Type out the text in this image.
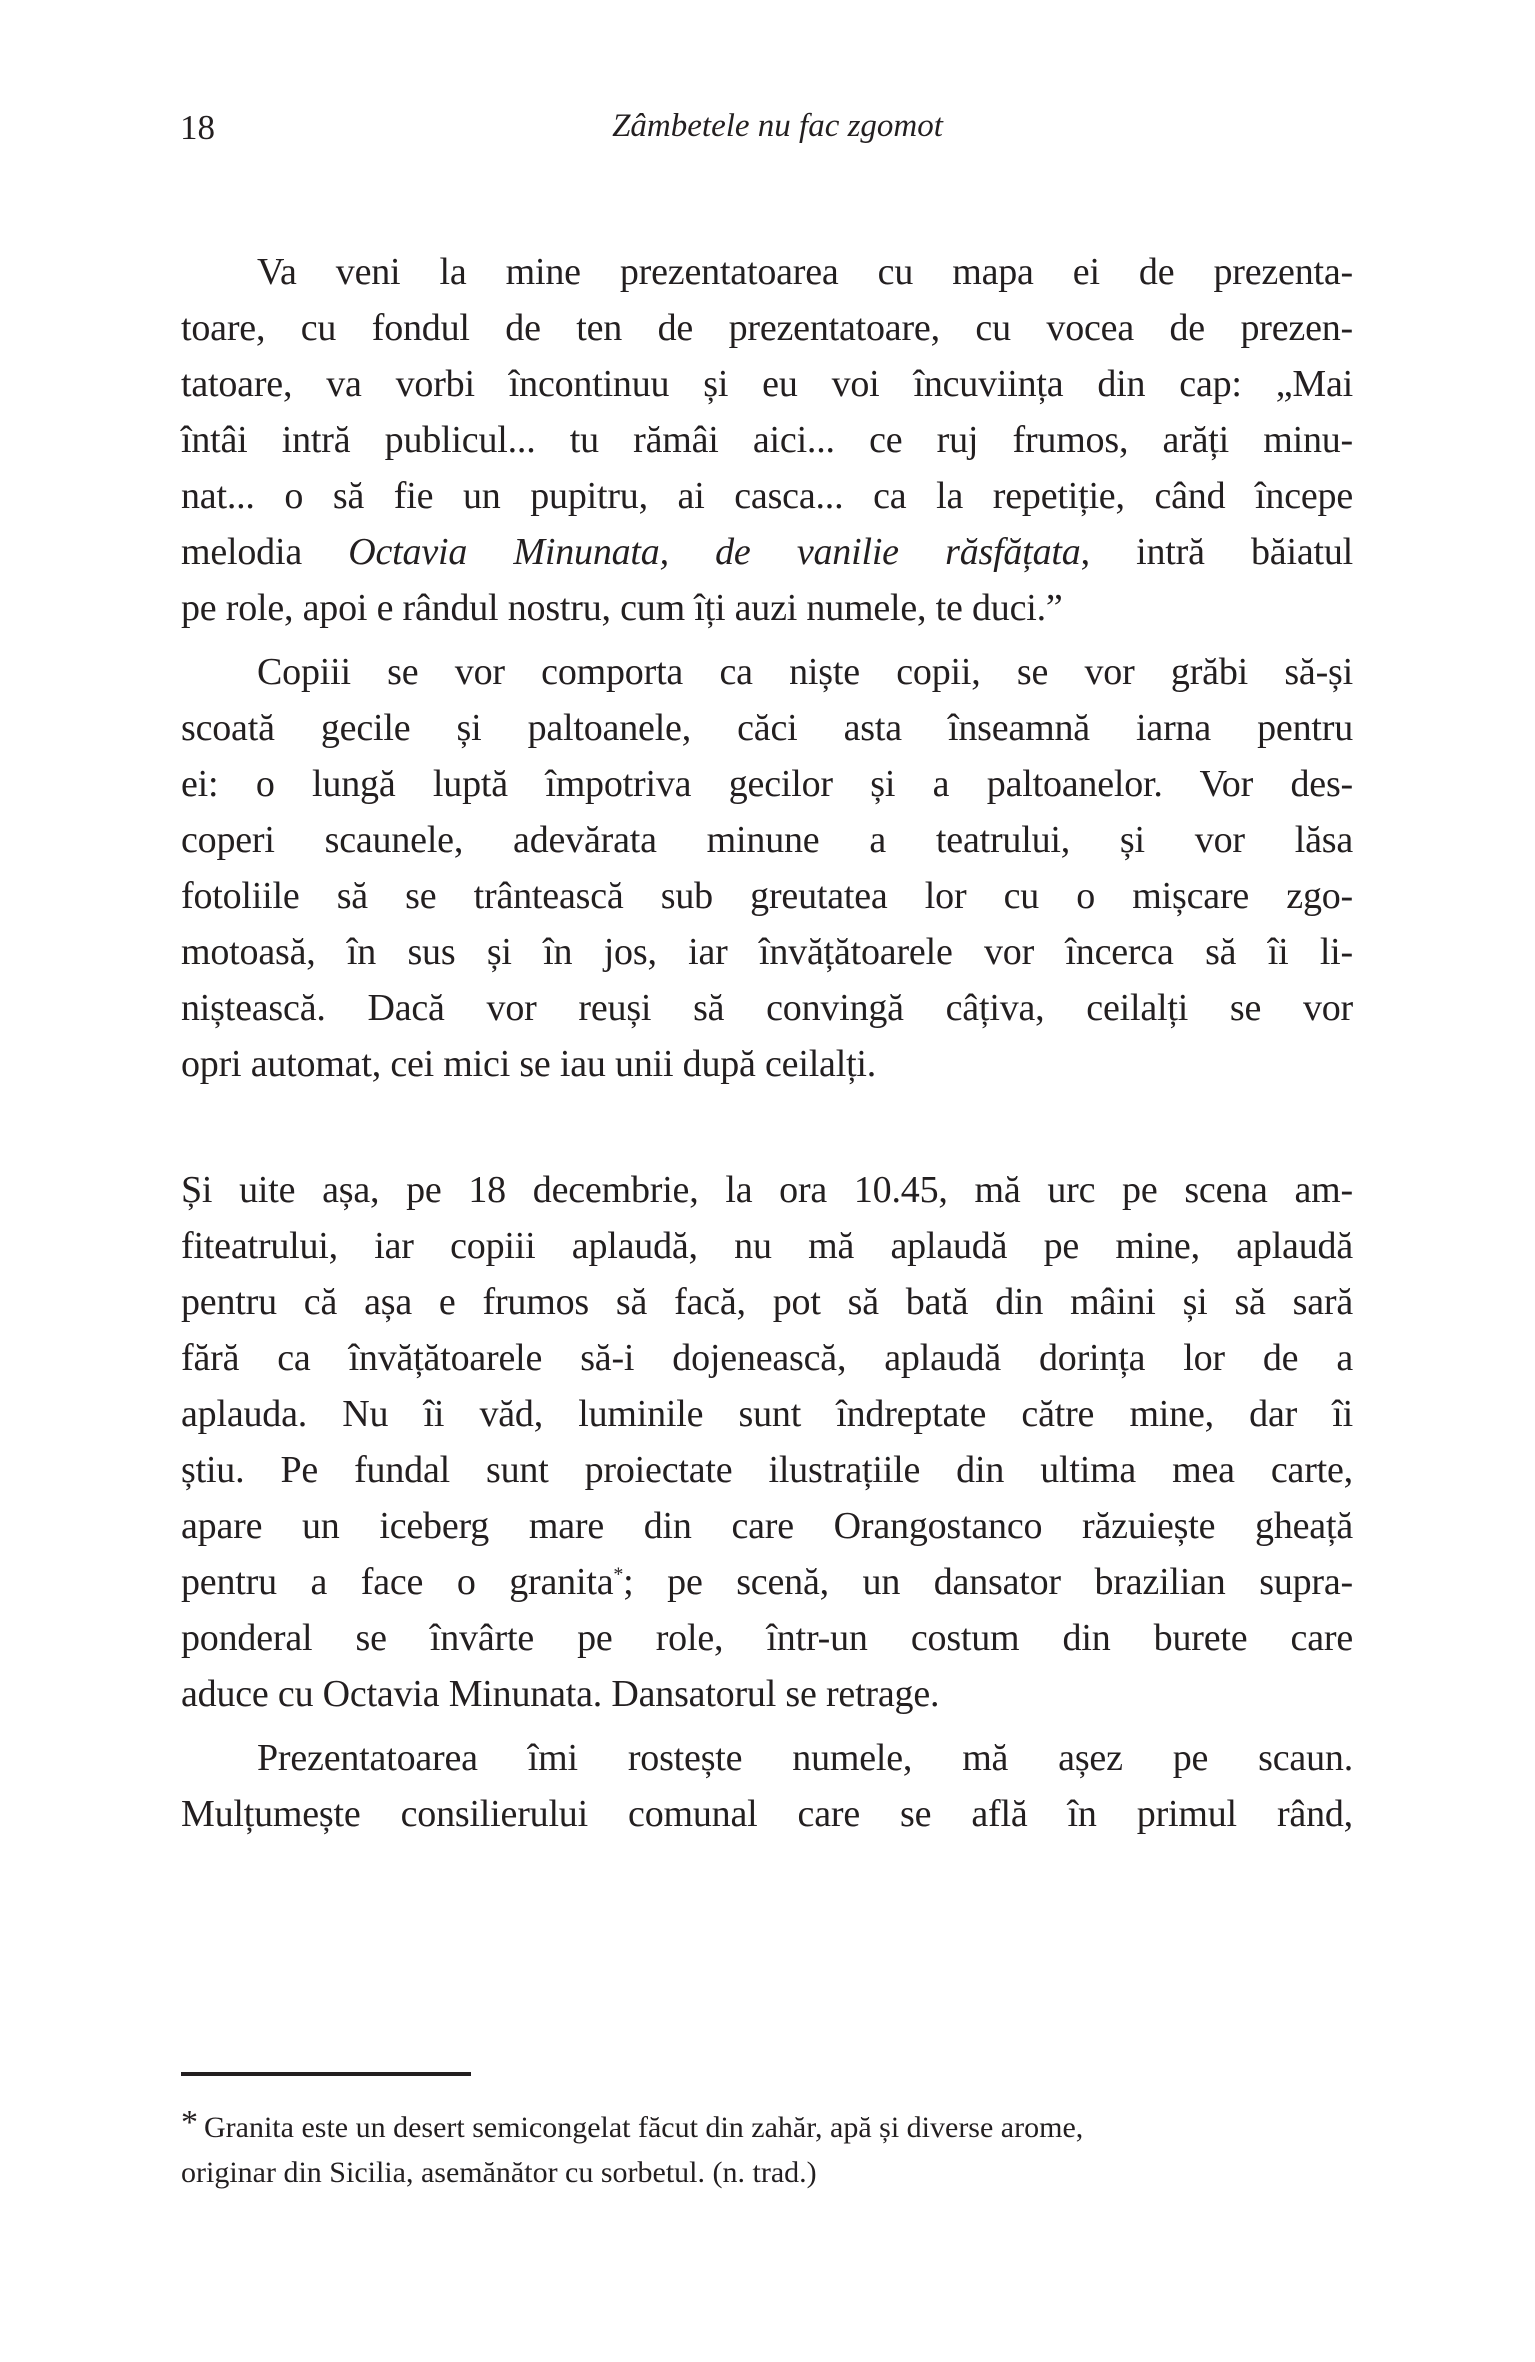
18	Zâmbetele nu fac zgomot
Va veni la mine prezentatoarea cu mapa ei de prezenta-
toare, cu fondul de ten de prezentatoare, cu vocea de prezen-
tatoare, va vorbi încontinuu și eu voi încuviința din cap: „Mai
întâi intră publicul... tu rămâi aici... ce ruj frumos, arăți minu-
nat... o să fie un pupitru, ai casca... ca la repetiție, când începe
melodia Octavia Minunata, de vanilie răsfățata, intră băiatul
pe role, apoi e rândul nostru, cum îți auzi numele, te duci.”
Copiii se vor comporta ca niște copii, se vor grăbi să-și
scoată gecile și paltoanele, căci asta înseamnă iarna pentru
ei: o lungă luptă împotriva gecilor și a paltoanelor. Vor des-
coperi scaunele, adevărata minune a teatrului, și vor lăsa
fotoliile să se trântească sub greutatea lor cu o mișcare zgo-
motoasă, în sus și în jos, iar învățătoarele vor încerca să îi li-
niștească. Dacă vor reuși să convingă câțiva, ceilalți se vor
opri automat, cei mici se iau unii după ceilalți.
Și uite așa, pe 18 decembrie, la ora 10.45, mă urc pe scena am-
fiteatrului, iar copiii aplaudă, nu mă aplaudă pe mine, aplaudă
pentru că așa e frumos să facă, pot să bată din mâini și să sară
fără ca învățătoarele să-i dojenească, aplaudă dorința lor de a
aplauda. Nu îi văd, luminile sunt îndreptate către mine, dar îi
știu. Pe fundal sunt proiectate ilustrațiile din ultima mea carte,
apare un iceberg mare din care Orangostanco răzuiește gheață
pentru a face o granita*; pe scenă, un dansator brazilian supra-
ponderal se învârte pe role, într-un costum din burete care
aduce cu Octavia Minunata. Dansatorul se retrage.
Prezentatoarea îmi rostește numele, mă așez pe scaun.
Mulțumește consilierului comunal care se află în primul rând,
* Granita este un desert semicongelat făcut din zahăr, apă și diverse arome,
originar din Sicilia, asemănător cu sorbetul. (n. trad.)
